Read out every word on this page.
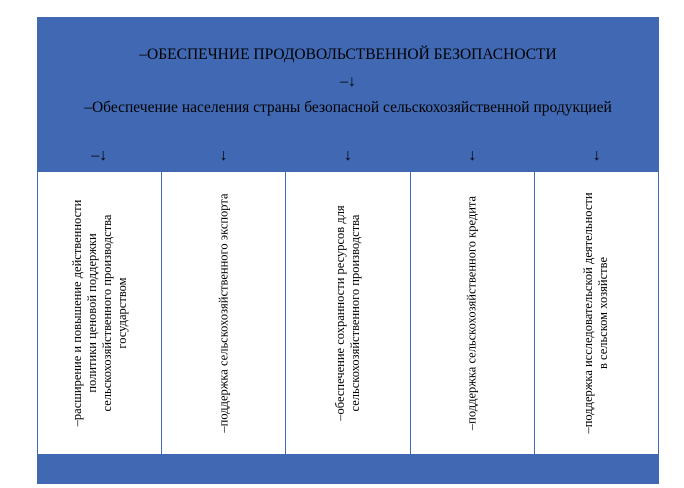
–ОБЕСПЕЧНИЕ ПРОДОВОЛЬСТВЕННОЙ БЕЗОПАСНОСТИ
–↓
–Обеспечение населения страны безопасной сельскохозяйственной продукцией
–↓	↓	↓	↓	↓
–расширение и повышение действенности политики ценовой поддержки сельскохозяйственного производства государством	–поддержка сельскохозяйственного экспорта	–обеспечение сохранности ресурсов для сельскохозяйственного производства	–поддержка сельскохозяйственного кредита	–поддержка исследовательской деятельности в сельском хозяйстве
